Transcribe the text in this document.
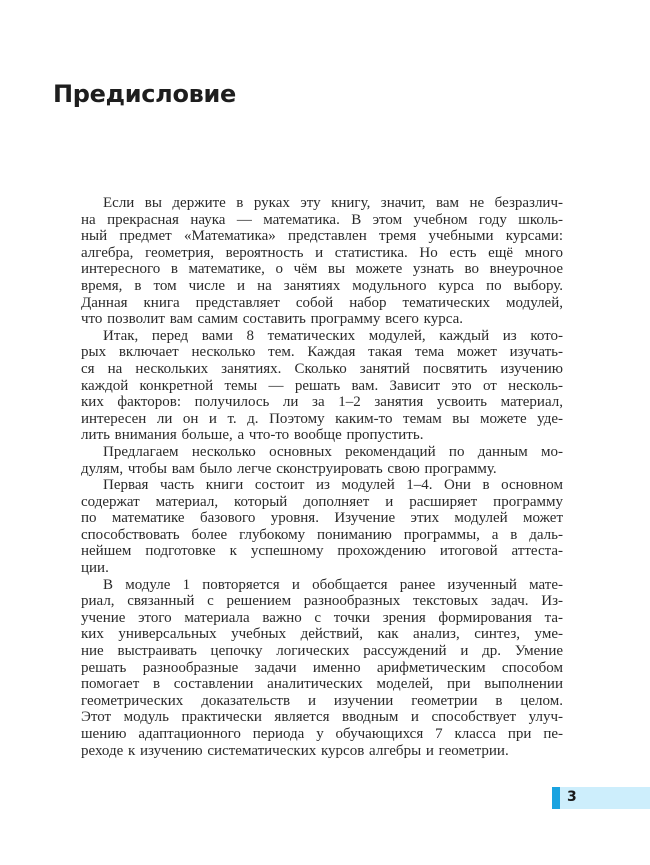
Предисловие
Если вы держите в руках эту книгу, значит, вам не безразлич-
на прекрасная наука — математика. В этом учебном году школь-
ный предмет «Математика» представлен тремя учебными курсами:
алгебра, геометрия, вероятность и статистика. Но есть ещё много
интересного в математике, о чём вы можете узнать во внеурочное
время, в том числе и на занятиях модульного курса по выбору.
Данная книга представляет собой набор тематических модулей,
что позволит вам самим составить программу всего курса.
Итак, перед вами 8 тематических модулей, каждый из кото-
рых включает несколько тем. Каждая такая тема может изучать-
ся на нескольких занятиях. Сколько занятий посвятить изучению
каждой конкретной темы — решать вам. Зависит это от несколь-
ких факторов: получилось ли за 1–2 занятия усвоить материал,
интересен ли он и т. д. Поэтому каким-то темам вы можете уде-
лить внимания больше, а что-то вообще пропустить.
Предлагаем несколько основных рекомендаций по данным мо-
дулям, чтобы вам было легче сконструировать свою программу.
Первая часть книги состоит из модулей 1–4. Они в основном
содержат материал, который дополняет и расширяет программу
по математике базового уровня. Изучение этих модулей может
способствовать более глубокому пониманию программы, а в даль-
нейшем подготовке к успешному прохождению итоговой аттеста-
ции.
В модуле 1 повторяется и обобщается ранее изученный мате-
риал, связанный с решением разнообразных текстовых задач. Из-
учение этого материала важно с точки зрения формирования та-
ких универсальных учебных действий, как анализ, синтез, уме-
ние выстраивать цепочку логических рассуждений и др. Умение
решать разнообразные задачи именно арифметическим способом
помогает в составлении аналитических моделей, при выполнении
геометрических доказательств и изучении геометрии в целом.
Этот модуль практически является вводным и способствует улуч-
шению адаптационного периода у обучающихся 7 класса при пе-
реходе к изучению систематических курсов алгебры и геометрии.
3
